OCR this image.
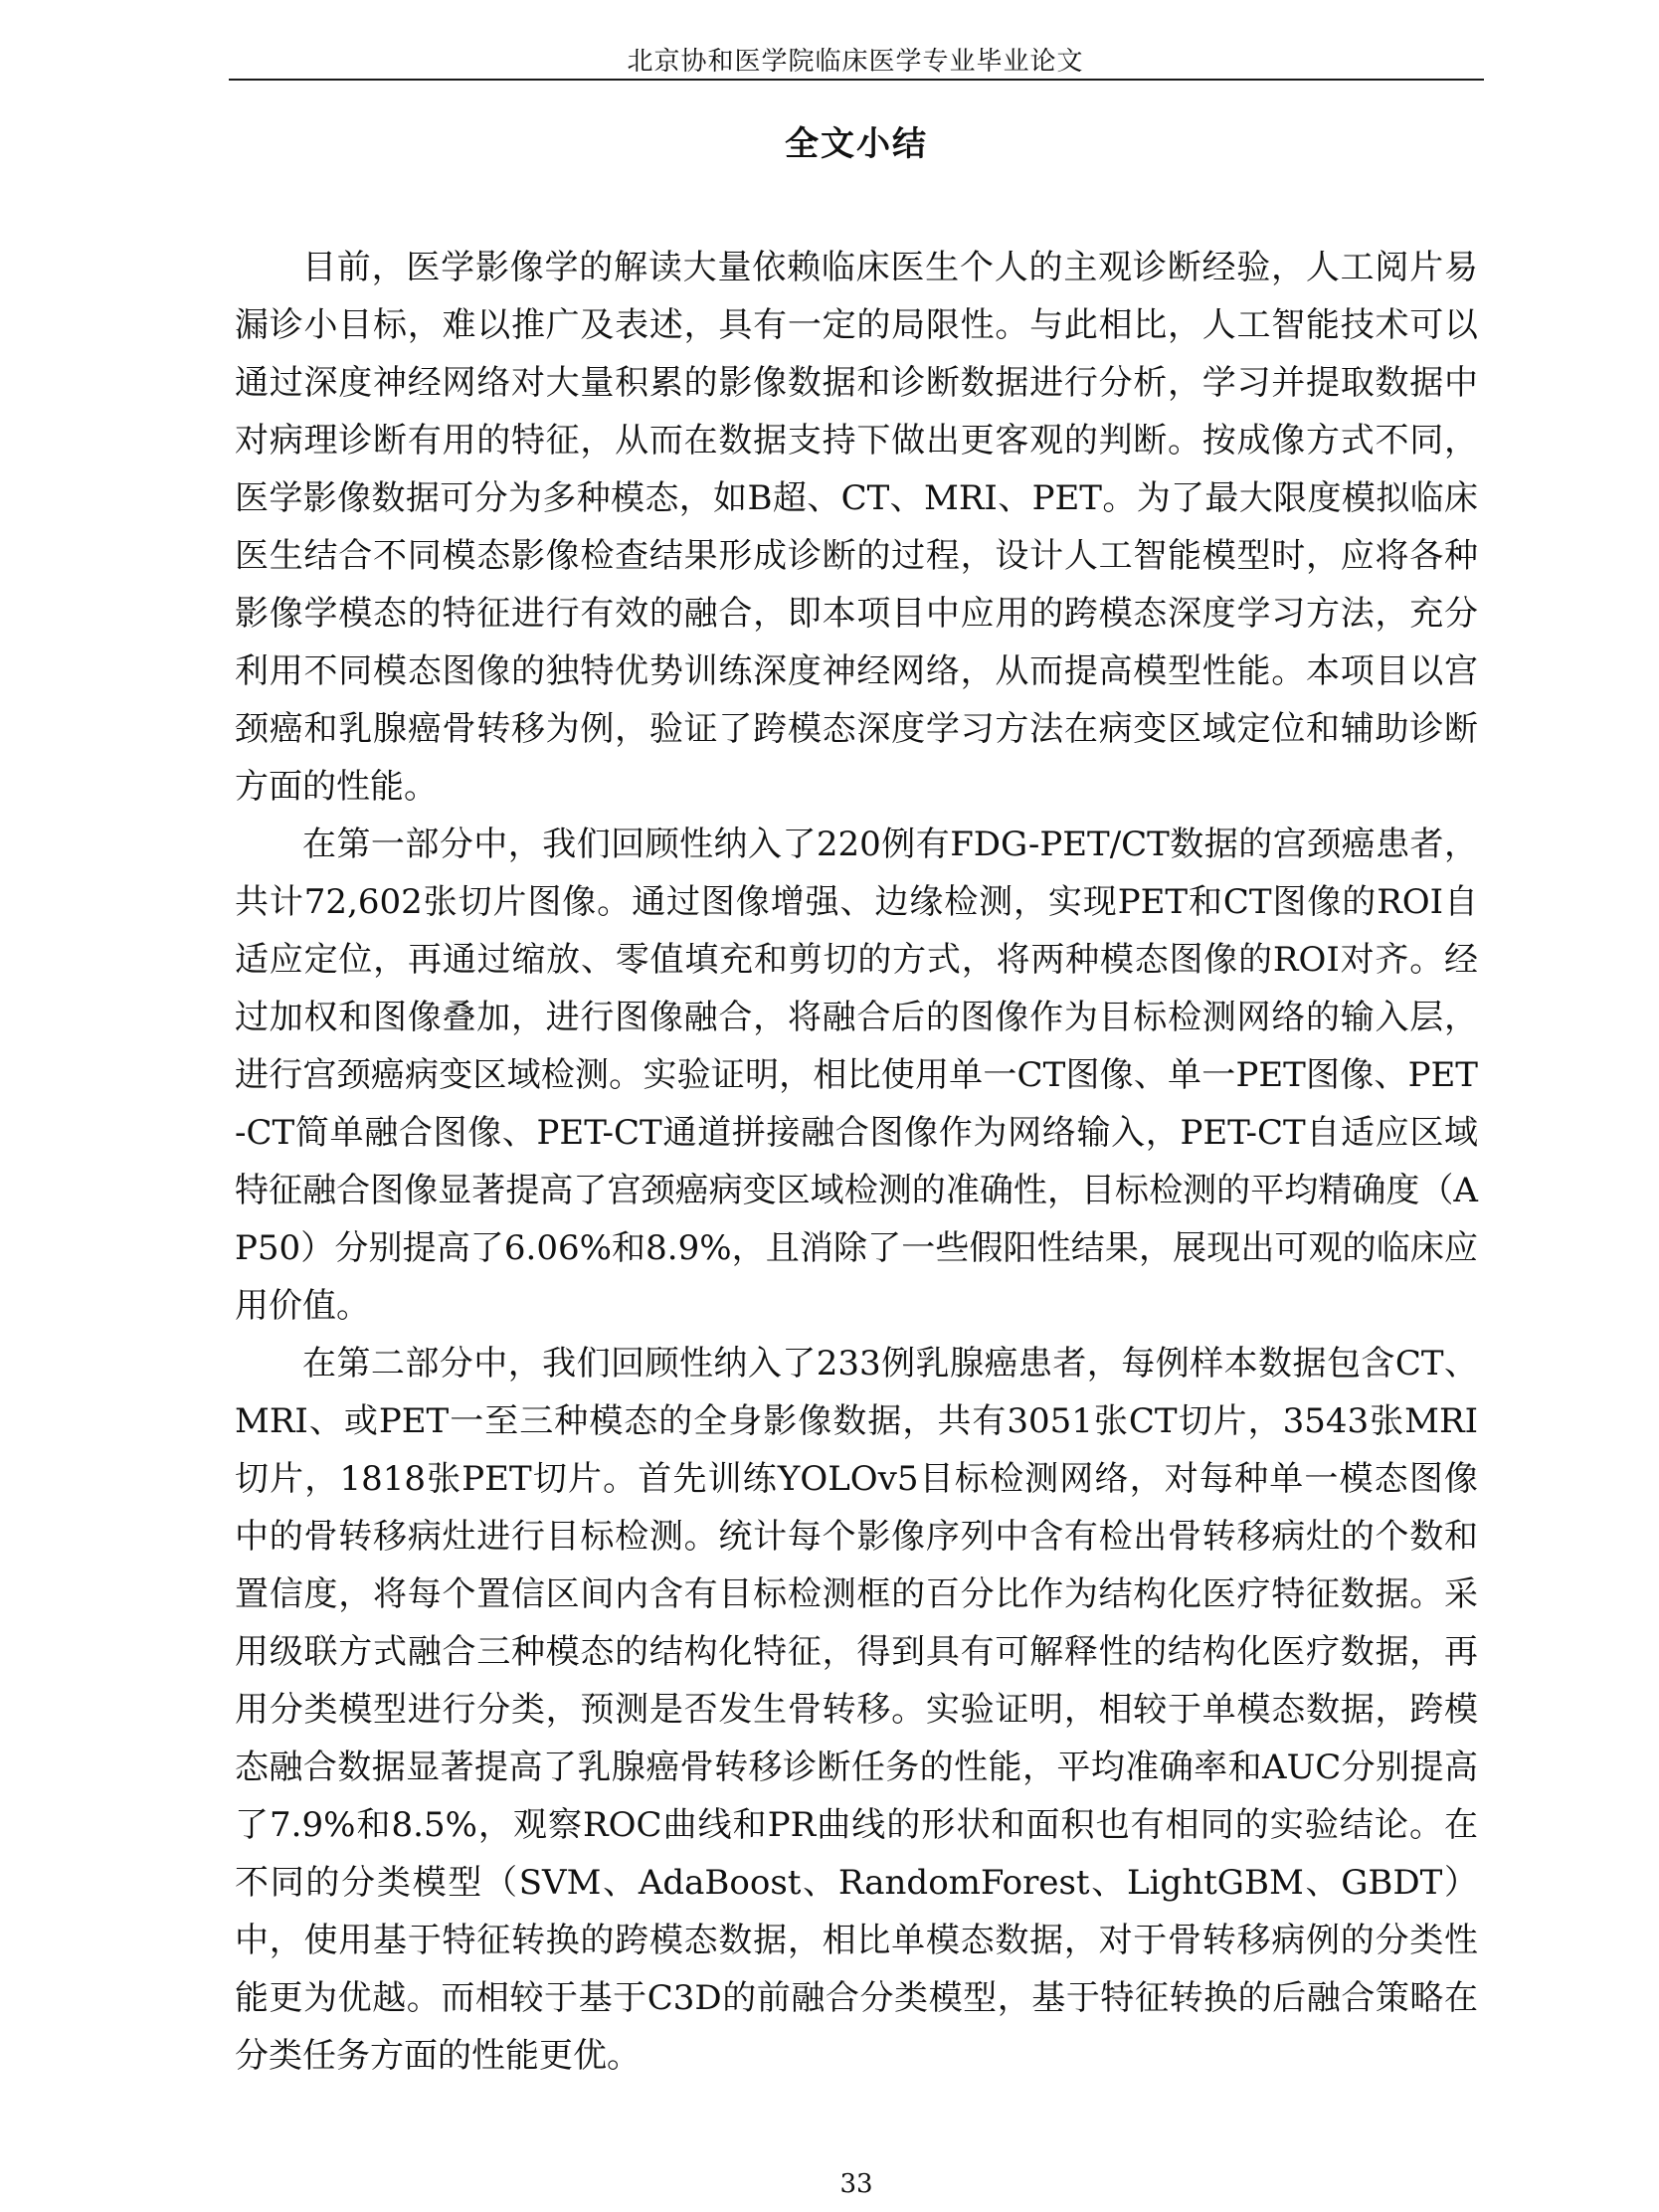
北京协和医学院临床医学专业毕业论文
全文小结

目前，医学影像学的解读大量依赖临床医生个人的主观诊断经验，人工阅片易漏诊小目标，难以推广及表述，具有一定的局限性。与此相比，人工智能技术可以通过深度神经网络对大量积累的影像数据和诊断数据进行分析，学习并提取数据中对病理诊断有用的特征，从而在数据支持下做出更客观的判断。按成像方式不同，医学影像数据可分为多种模态，如B超、CT、MRI、PET。为了最大限度模拟临床医生结合不同模态影像检查结果形成诊断的过程，设计人工智能模型时，应将各种影像学模态的特征进行有效的融合，即本项目中应用的跨模态深度学习方法，充分利用不同模态图像的独特优势训练深度神经网络，从而提高模型性能。本项目以宫颈癌和乳腺癌骨转移为例，验证了跨模态深度学习方法在病变区域定位和辅助诊断方面的性能。

在第一部分中，我们回顾性纳入了220例有FDG-PET/CT数据的宫颈癌患者，共计72,602张切片图像。通过图像增强、边缘检测，实现PET和CT图像的ROI自适应定位，再通过缩放、零值填充和剪切的方式，将两种模态图像的ROI对齐。经过加权和图像叠加，进行图像融合，将融合后的图像作为目标检测网络的输入层，进行宫颈癌病变区域检测。实验证明，相比使用单一CT图像、单一PET图像、PET-CT简单融合图像、PET-CT通道拼接融合图像作为网络输入，PET-CT自适应区域特征融合图像显著提高了宫颈癌病变区域检测的准确性，目标检测的平均精确度（AP50）分别提高了6.06%和8.9%，且消除了一些假阳性结果，展现出可观的临床应用价值。

在第二部分中，我们回顾性纳入了233例乳腺癌患者，每例样本数据包含CT、MRI、或PET一至三种模态的全身影像数据，共有3051张CT切片，3543张MRI切片，1818张PET切片。首先训练YOLOv5目标检测网络，对每种单一模态图像中的骨转移病灶进行目标检测。统计每个影像序列中含有检出骨转移病灶的个数和置信度，将每个置信区间内含有目标检测框的百分比作为结构化医疗特征数据。采用级联方式融合三种模态的结构化特征，得到具有可解释性的结构化医疗数据，再用分类模型进行分类，预测是否发生骨转移。实验证明，相较于单模态数据，跨模态融合数据显著提高了乳腺癌骨转移诊断任务的性能，平均准确率和AUC分别提高了7.9%和8.5%，观察ROC曲线和PR曲线的形状和面积也有相同的实验结论。在不同的分类模型（SVM、AdaBoost、RandomForest、LightGBM、GBDT）中，使用基于特征转换的跨模态数据，相比单模态数据，对于骨转移病例的分类性能更为优越。而相较于基于C3D的前融合分类模型，基于特征转换的后融合策略在分类任务方面的性能更优。

33
